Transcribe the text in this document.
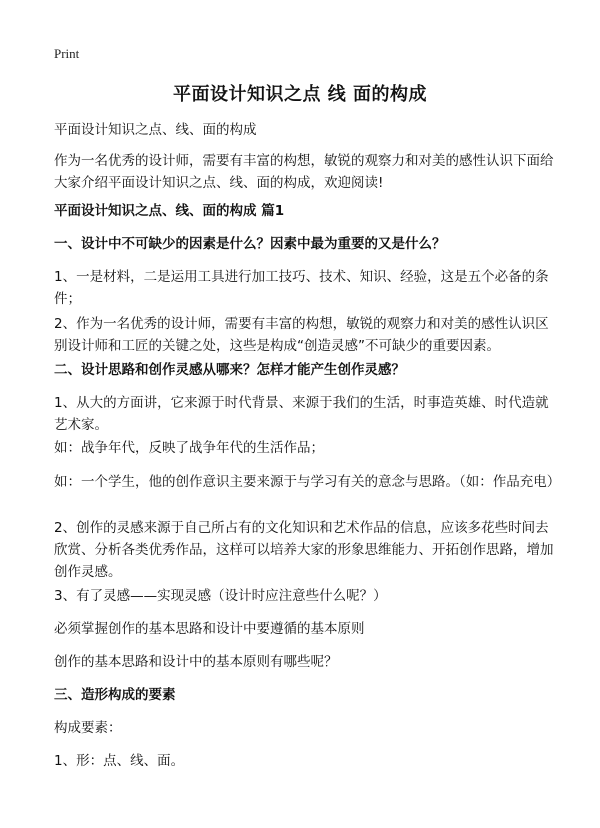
Print
平面设计知识之点 线 面的构成
平面设计知识之点、线、面的构成
作为一名优秀的设计师，需要有丰富的构想，敏锐的观察力和对美的感性认识下面给大家介绍平面设计知识之点、线、面的构成，欢迎阅读!
平面设计知识之点、线、面的构成 篇1
一、设计中不可缺少的因素是什么？因素中最为重要的又是什么？
1、一是材料，二是运用工具进行加工技巧、技术、知识、经验，这是五个必备的条件；
2、作为一名优秀的设计师，需要有丰富的构想，敏锐的观察力和对美的感性认识区别设计师和工匠的关键之处，这些是构成“创造灵感”不可缺少的重要因素。
二、设计思路和创作灵感从哪来？怎样才能产生创作灵感？
1、从大的方面讲，它来源于时代背景、来源于我们的生活，时事造英雄、时代造就艺术家。
如：战争年代，反映了战争年代的生活作品；
如：一个学生，他的创作意识主要来源于与学习有关的意念与思路。（如：作品充电）
2、创作的灵感来源于自己所占有的文化知识和艺术作品的信息，应该多花些时间去欣赏、分析各类优秀作品，这样可以培养大家的形象思维能力、开拓创作思路，增加创作灵感。
3、有了灵感——实现灵感（设计时应注意些什么呢？）
必须掌握创作的基本思路和设计中要遵循的基本原则
创作的基本思路和设计中的基本原则有哪些呢？
三、造形构成的要素
构成要素：
1、形：点、线、面。
